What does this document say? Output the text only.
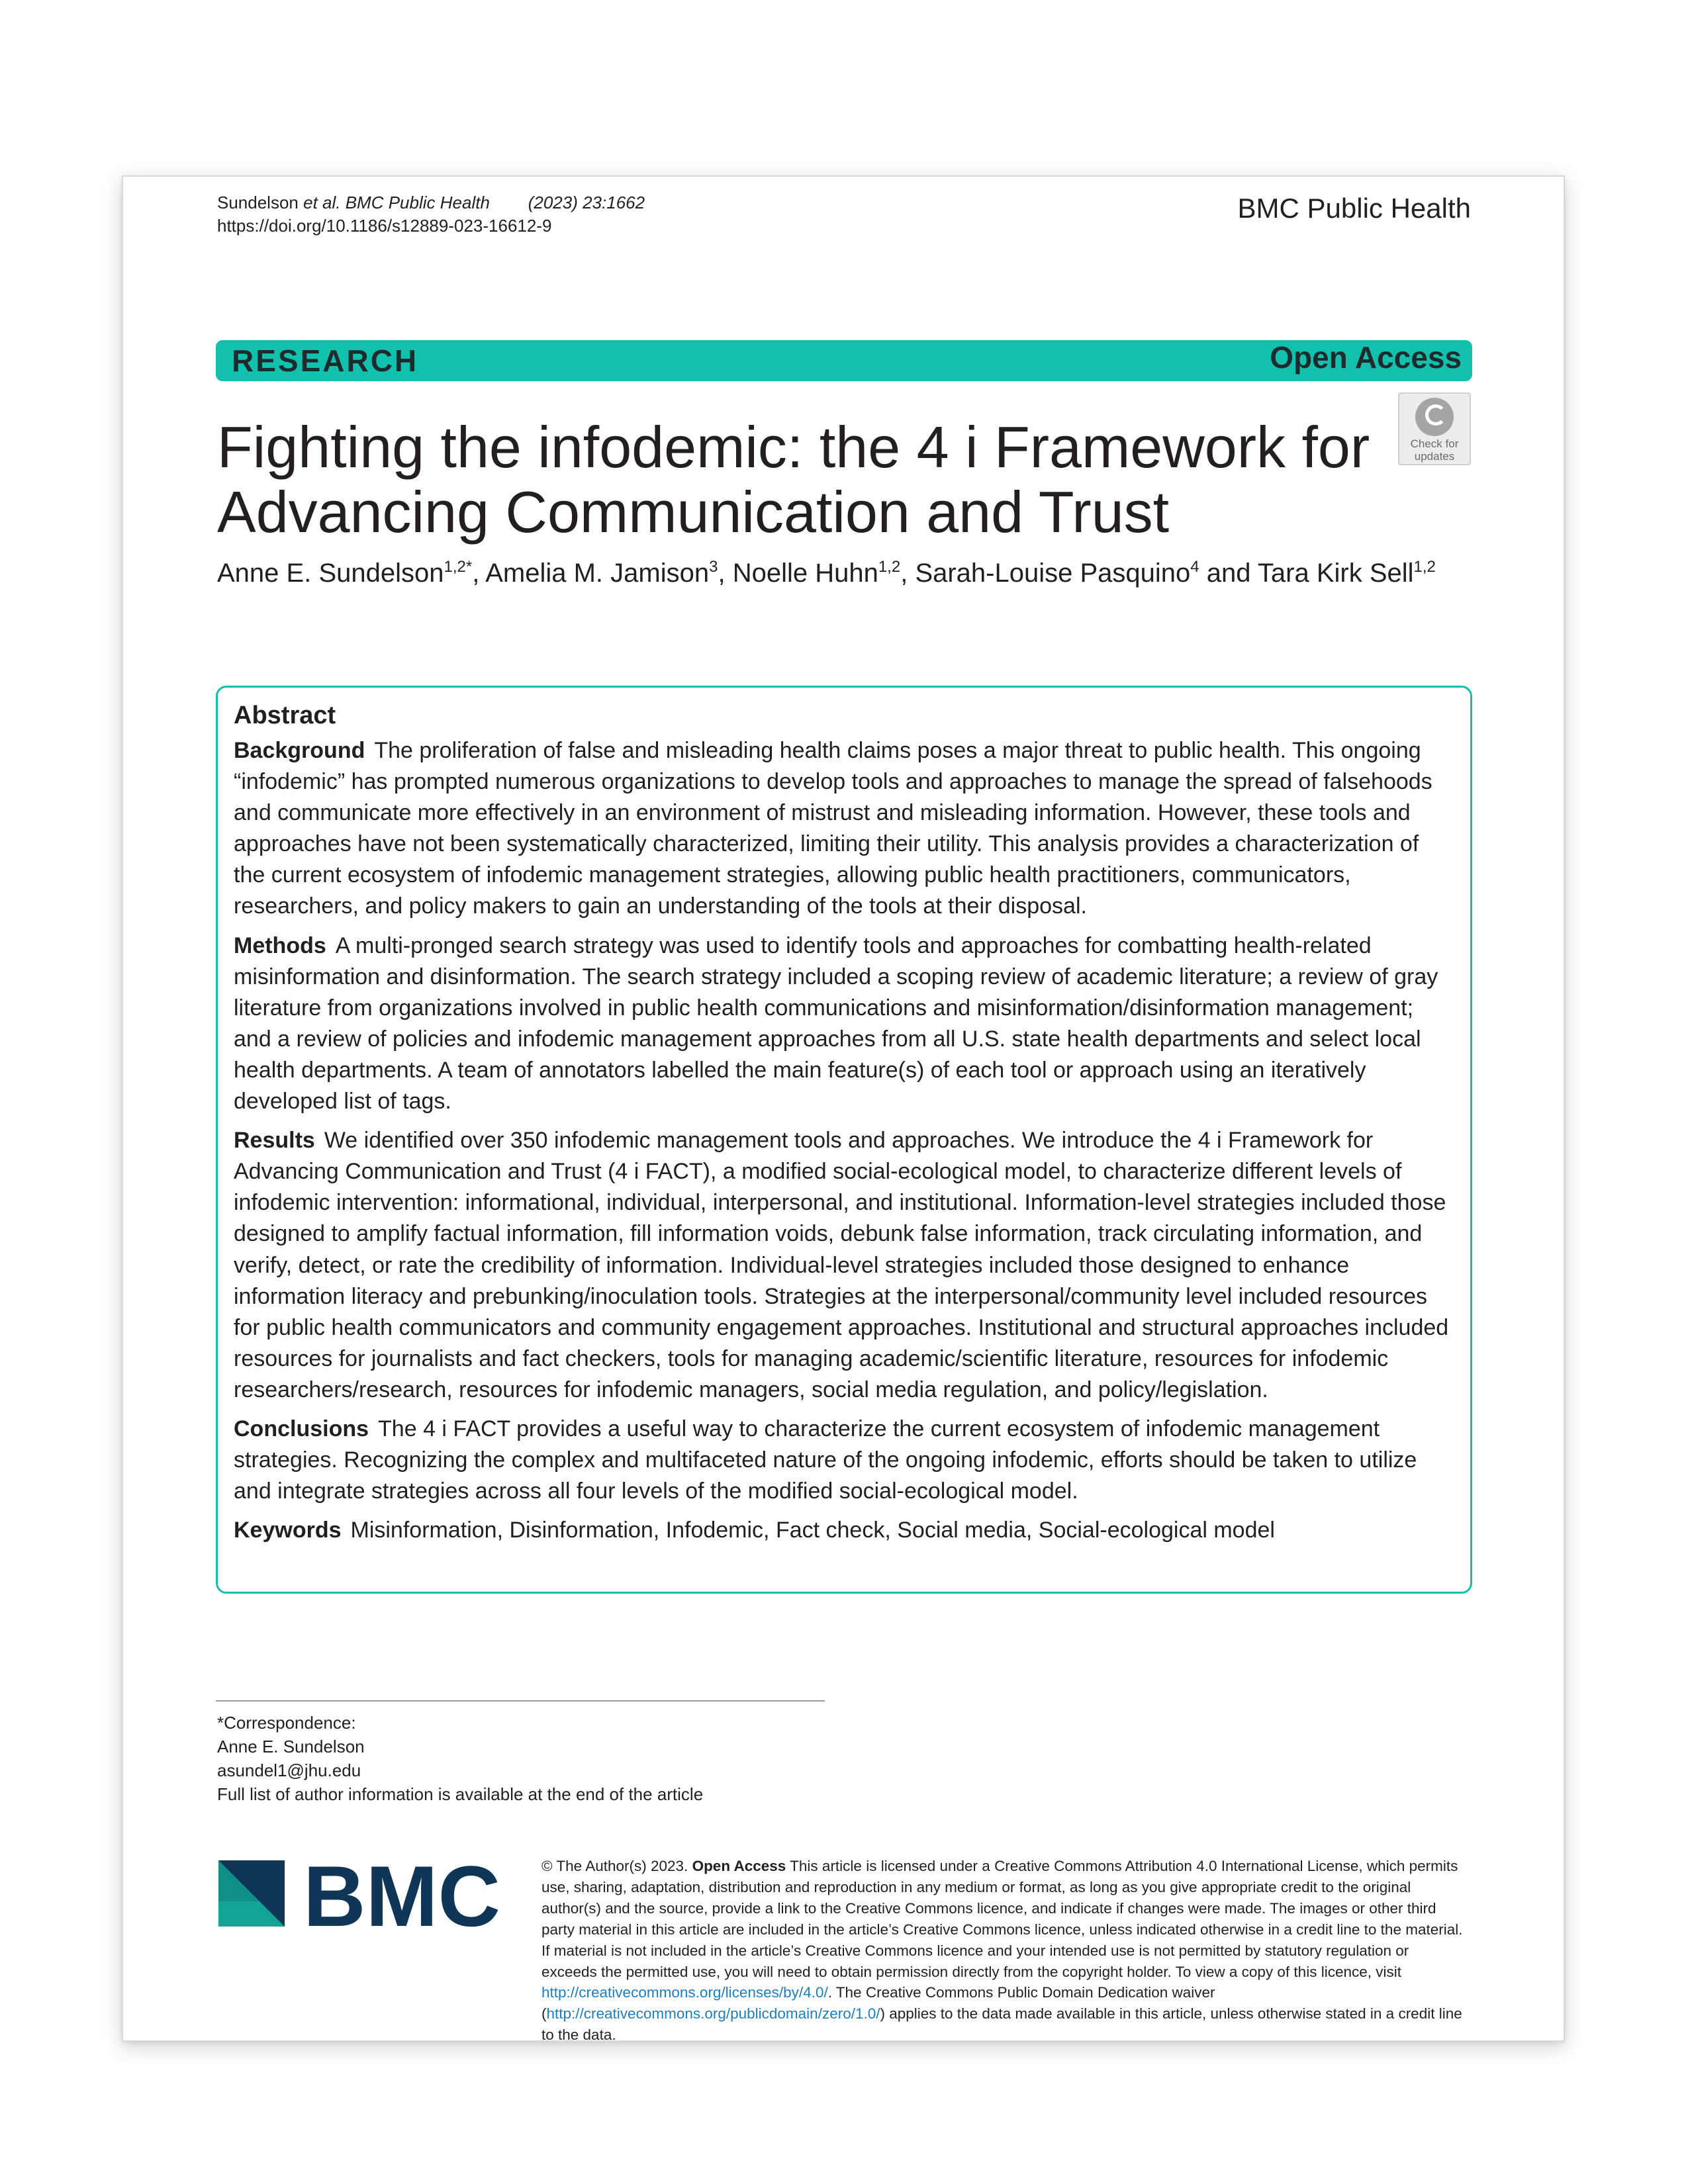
Sundelson et al. BMC Public Health (2023) 23:1662
https://doi.org/10.1186/s12889-023-16612-9
BMC Public Health
RESEARCH	Open Access
Fighting the infodemic: the 4 i Framework for Advancing Communication and Trust
Check for
updates
Anne E. Sundelson$^{1,2*}$, Amelia M. Jamison$^3$, Noelle Huhn$^{1,2}$, Sarah-Louise Pasquino$^4$ and Tara Kirk Sell$^{1,2}$
Abstract

Background The proliferation of false and misleading health claims poses a major threat to public health. This ongoing “infodemic” has prompted numerous organizations to develop tools and approaches to manage the spread of falsehoods and communicate more effectively in an environment of mistrust and misleading information. However, these tools and approaches have not been systematically characterized, limiting their utility. This analysis provides a characterization of the current ecosystem of infodemic management strategies, allowing public health practitioners, communicators, researchers, and policy makers to gain an understanding of the tools at their disposal.

Methods A multi-pronged search strategy was used to identify tools and approaches for combatting health-related misinformation and disinformation. The search strategy included a scoping review of academic literature; a review of gray literature from organizations involved in public health communications and misinformation/disinformation management; and a review of policies and infodemic management approaches from all U.S. state health departments and select local health departments. A team of annotators labelled the main feature(s) of each tool or approach using an iteratively developed list of tags.

Results We identified over 350 infodemic management tools and approaches. We introduce the 4 i Framework for Advancing Communication and Trust (4 i FACT), a modified social-ecological model, to characterize different levels of infodemic intervention: informational, individual, interpersonal, and institutional. Information-level strategies included those designed to amplify factual information, fill information voids, debunk false information, track circulating information, and verify, detect, or rate the credibility of information. Individual-level strategies included those designed to enhance information literacy and prebunking/inoculation tools. Strategies at the interpersonal/community level included resources for public health communicators and community engagement approaches. Institutional and structural approaches included resources for journalists and fact checkers, tools for managing academic/scientific literature, resources for infodemic researchers/research, resources for infodemic managers, social media regulation, and policy/legislation.

Conclusions The 4 i FACT provides a useful way to characterize the current ecosystem of infodemic management strategies. Recognizing the complex and multifaceted nature of the ongoing infodemic, efforts should be taken to utilize and integrate strategies across all four levels of the modified social-ecological model.

Keywords Misinformation, Disinformation, Infodemic, Fact check, Social media, Social-ecological model

*Correspondence:
Anne E. Sundelson
asundel1@jhu.edu
Full list of author information is available at the end of the article
BMC	© The Author(s) 2023. Open Access This article is licensed under a Creative Commons Attribution 4.0 International License, which permits use, sharing, adaptation, distribution and reproduction in any medium or format, as long as you give appropriate credit to the original author(s) and the source, provide a link to the Creative Commons licence, and indicate if changes were made. The images or other third party material in this article are included in the article’s Creative Commons licence, unless indicated otherwise in a credit line to the material. If material is not included in the article’s Creative Commons licence and your intended use is not permitted by statutory regulation or exceeds the permitted use, you will need to obtain permission directly from the copyright holder. To view a copy of this licence, visit http://creativecommons.org/licenses/by/4.0/. The Creative Commons Public Domain Dedication waiver (http://creativecommons.org/publicdomain/zero/1.0/) applies to the data made available in this article, unless otherwise stated in a credit line to the data.
